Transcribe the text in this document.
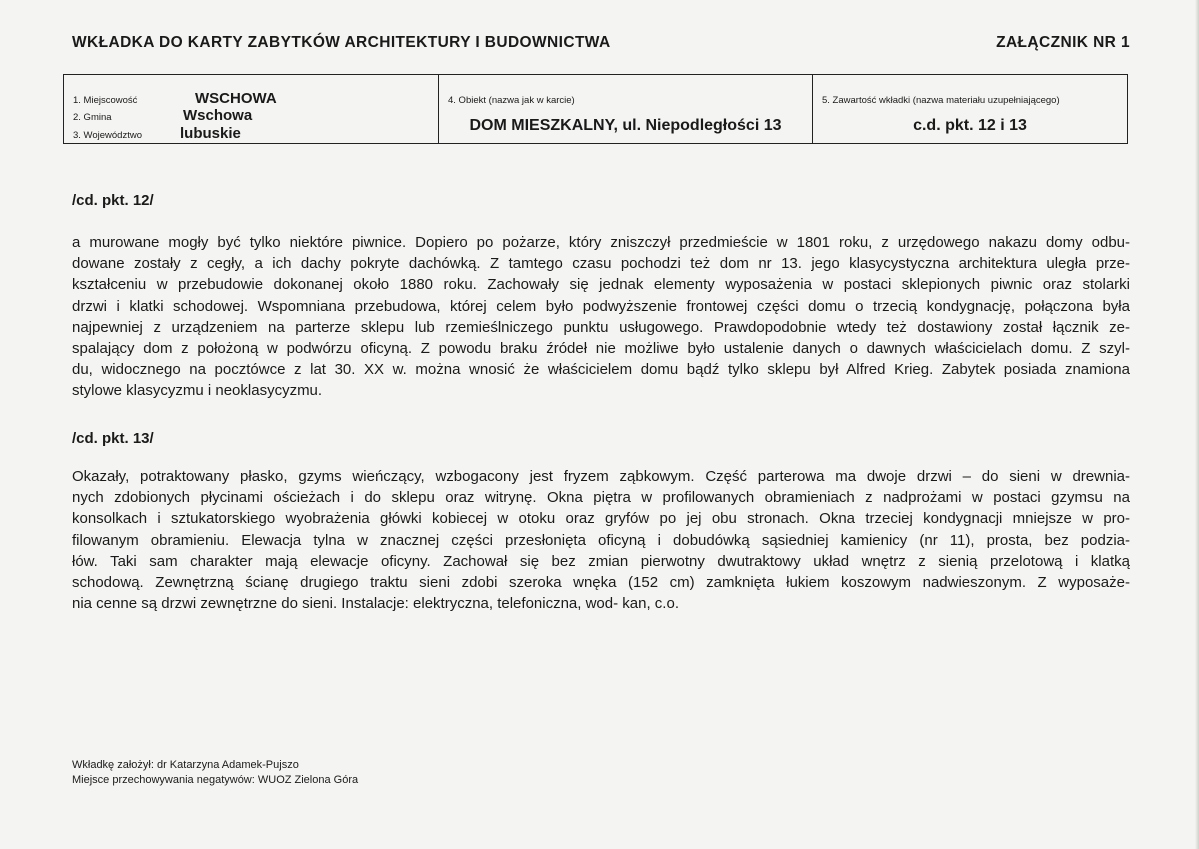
WKŁADKA DO KARTY ZABYTKÓW ARCHITEKTURY I BUDOWNICTWA	ZAŁĄCZNIK NR 1
1. Miejscowość	WSCHOWA
2. Gmina	Wschowa
3. Województwo	lubuskie
4. Obiekt (nazwa jak w karcie)
DOM MIESZKALNY, ul. Niepodległości 13
5. Zawartość wkładki (nazwa materiału uzupełniającego)
c.d. pkt. 12 i 13
/cd. pkt. 12/

a murowane mogły być tylko niektóre piwnice. Dopiero po pożarze, który zniszczył przedmieście w 1801 roku, z urzędowego nakazu domy odbu-
dowane zostały z cegły, a ich dachy pokryte dachówką. Z tamtego czasu pochodzi też dom nr 13. jego klasycystyczna architektura uległa prze-
kształceniu w przebudowie dokonanej około 1880 roku. Zachowały się jednak elementy wyposażenia w postaci sklepionych piwnic oraz stolarki
drzwi i klatki schodowej. Wspomniana przebudowa, której celem było podwyższenie frontowej części domu o trzecią kondygnację, połączona była
najpewniej z urządzeniem na parterze sklepu lub rzemieślniczego punktu usługowego. Prawdopodobnie wtedy też dostawiony został łącznik ze-
spalający dom z położoną w podwórzu oficyną. Z powodu braku źródeł nie możliwe było ustalenie danych o dawnych właścicielach domu. Z szyl-
du, widocznego na pocztówce z lat 30. XX w. można wnosić że właścicielem domu bądź tylko sklepu był Alfred Krieg. Zabytek posiada znamiona
stylowe klasycyzmu i neoklasycyzmu.

/cd. pkt. 13/

Okazały, potraktowany płasko, gzyms wieńczący, wzbogacony jest fryzem ząbkowym. Część parterowa ma dwoje drzwi – do sieni w drewnia-
nych zdobionych płycinami ościeżach i do sklepu oraz witrynę. Okna piętra w profilowanych obramieniach z nadprożami w postaci gzymsu na
konsolkach i sztukatorskiego wyobrażenia główki kobiecej w otoku oraz gryfów po jej obu stronach. Okna trzeciej kondygnacji mniejsze w pro-
filowanym obramieniu. Elewacja tylna w znacznej części przesłonięta oficyną i dobudówką sąsiedniej kamienicy (nr 11), prosta, bez podzia-
łów. Taki sam charakter mają elewacje oficyny. Zachował się bez zmian pierwotny dwutraktowy układ wnętrz z sienią przelotową i klatką
schodową. Zewnętrzną ścianę drugiego traktu sieni zdobi szeroka wnęka (152 cm) zamknięta łukiem koszowym nadwieszonym. Z wyposaże-
nia cenne są drzwi zewnętrzne do sieni. Instalacje: elektryczna, telefoniczna, wod- kan, c.o.

Wkładkę założył: dr Katarzyna Adamek-Pujszo
Miejsce przechowywania negatywów: WUOZ Zielona Góra
